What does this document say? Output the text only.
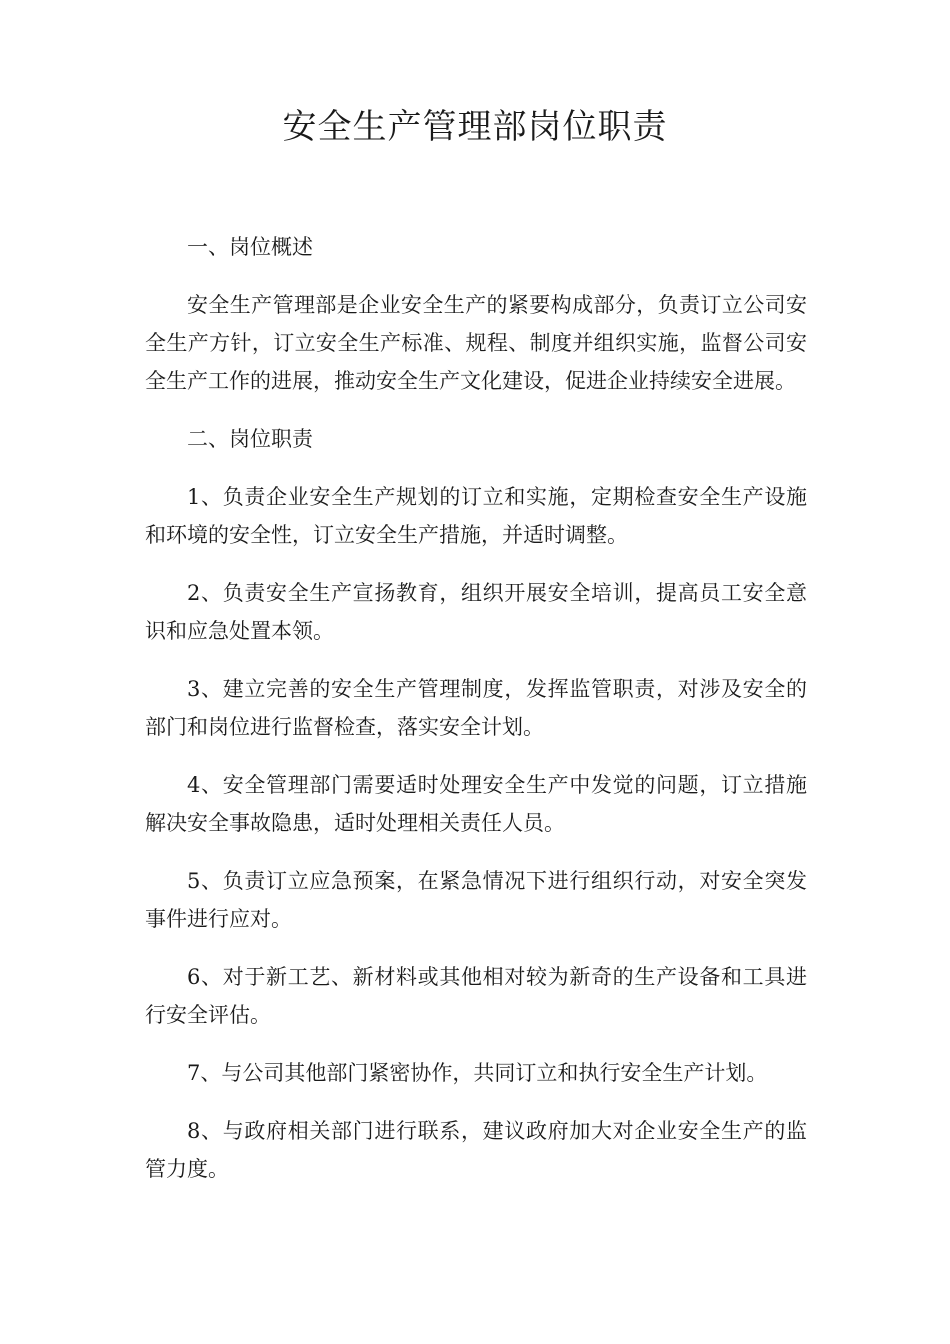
安全生产管理部岗位职责

一、岗位概述

安全生产管理部是企业安全生产的紧要构成部分，负责订立公司安全生产方针，订立安全生产标准、规程、制度并组织实施，监督公司安全生产工作的进展，推动安全生产文化建设，促进企业持续安全进展。

二、岗位职责

1、负责企业安全生产规划的订立和实施，定期检查安全生产设施和环境的安全性，订立安全生产措施，并适时调整。

2、负责安全生产宣扬教育，组织开展安全培训，提高员工安全意识和应急处置本领。

3、建立完善的安全生产管理制度，发挥监管职责，对涉及安全的部门和岗位进行监督检查，落实安全计划。

4、安全管理部门需要适时处理安全生产中发觉的问题，订立措施解决安全事故隐患，适时处理相关责任人员。

5、负责订立应急预案，在紧急情况下进行组织行动，对安全突发事件进行应对。

6、对于新工艺、新材料或其他相对较为新奇的生产设备和工具进行安全评估。

7、与公司其他部门紧密协作，共同订立和执行安全生产计划。

8、与政府相关部门进行联系，建议政府加大对企业安全生产的监管力度。
